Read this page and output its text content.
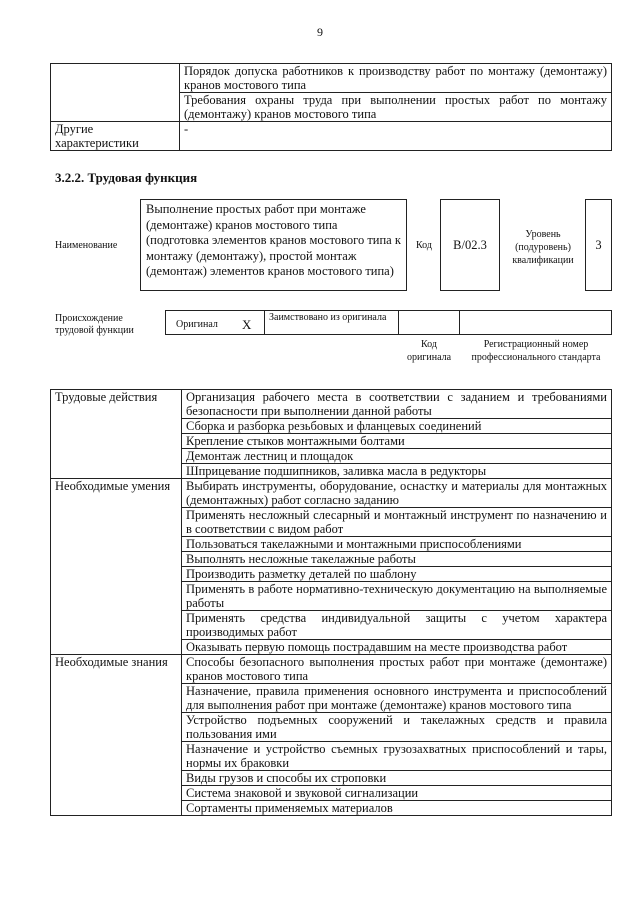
9
	Порядок допуска работников к производству работ по монтажу (демонтажу) кранов мостового типа
	Требования охраны труда при выполнении простых работ по монтажу (демонтажу) кранов мостового типа
Другие характеристики	-
3.2.2. Трудовая функция
Наименование
Выполнение простых работ при монтаже (демонтаже) кранов мостового типа (подготовка элементов кранов мостового типа к монтажу (демонтажу), простой монтаж (демонтаж) элементов кранов мостового типа)
Код	В/02.3
Уровень (подуровень) квалификации
3
Происхождение трудовой функции
Оригинал X	Заимствовано из оригинала
Код оригинала
Регистрационный номер профессионального стандарта
Трудовые действия	Организация рабочего места в соответствии с заданием и требованиями безопасности при выполнении данной работы
	Сборка и разборка резьбовых и фланцевых соединений
	Крепление стыков монтажными болтами
	Демонтаж лестниц и площадок
	Шприцевание подшипников, заливка масла в редукторы
Необходимые умения	Выбирать инструменты, оборудование, оснастку и материалы для монтажных (демонтажных) работ согласно заданию
	Применять несложный слесарный и монтажный инструмент по назначению и в соответствии с видом работ
	Пользоваться такелажными и монтажными приспособлениями
	Выполнять несложные такелажные работы
	Производить разметку деталей по шаблону
	Применять в работе нормативно-техническую документацию на выполняемые работы
	Применять средства индивидуальной защиты с учетом характера производимых работ
	Оказывать первую помощь пострадавшим на месте производства работ
Необходимые знания	Способы безопасного выполнения простых работ при монтаже (демонтаже) кранов мостового типа
	Назначение, правила применения основного инструмента и приспособлений для выполнения работ при монтаже (демонтаже) кранов мостового типа
	Устройство подъемных сооружений и такелажных средств и правила пользования ими
	Назначение и устройство съемных грузозахватных приспособлений и тары, нормы их браковки
	Виды грузов и способы их строповки
	Система знаковой и звуковой сигнализации
	Сортаменты применяемых материалов
